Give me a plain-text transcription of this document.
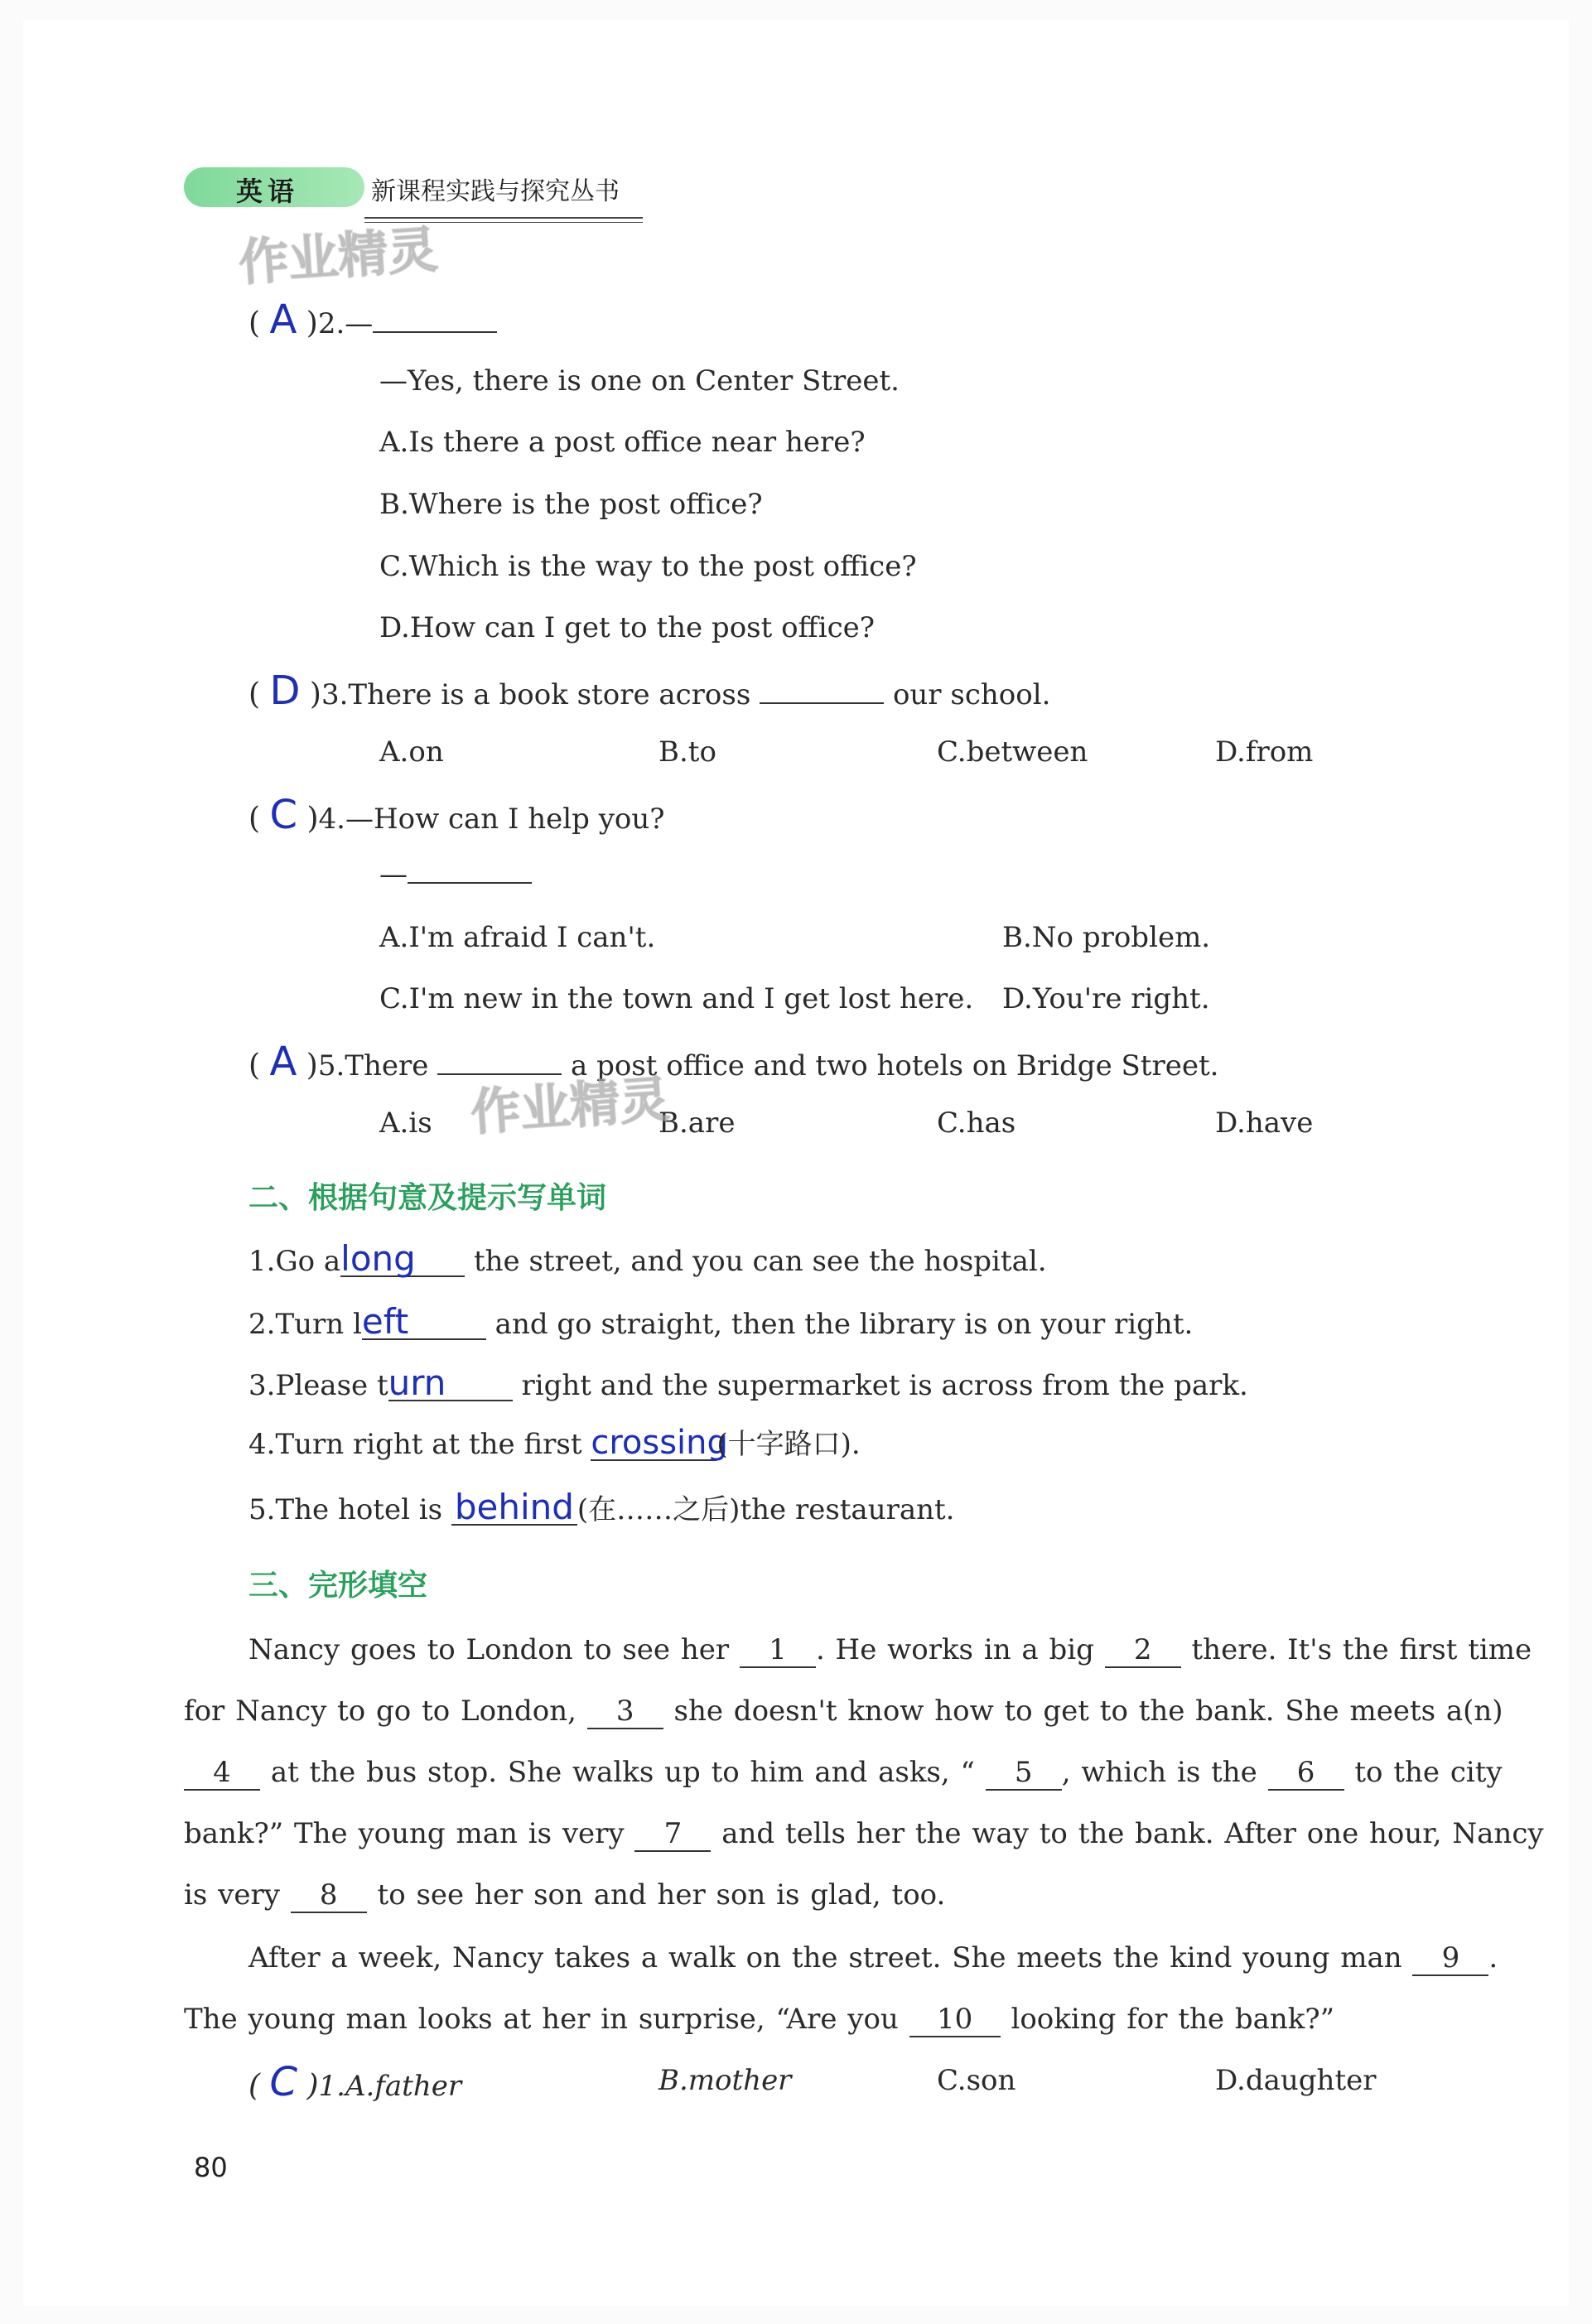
英语	新课程实践与探究丛书
作业精灵
( A )2.—
—Yes, there is one on Center Street.
A.Is there a post office near here?
B.Where is the post office?
C.Which is the way to the post office?
D.How can I get to the post office?
( D )3.There is a book store across	our school.
A.on	B.to	C.between	D.from
( C )4.—How can I help you?
—
A.I'm afraid I can't.	B.No problem.
C.I'm new in the town and I get lost here. D.You're right.
( A )5.There	a post office and two hotels on Bridge Street.
A.is	B.are	C.has	D.have
作业精灵
二、根据句意及提示写单词
1.Go along the street, and you can see the hospital.
2.Turn left	and go straight, then the library is on your right.
3.Please turn	right and the supermarket is across from the park.
4.Turn right at the first crossing(十字路口).
5.The hotel is behind (在……之后)the restaurant.
三、完形填空
Nancy goes to London to see her 1 . He works in a big 2 there. It's the first time
for Nancy to go to London, 3 she doesn't know how to get to the bank. She meets a(n)
4 at the bus stop. She walks up to him and asks, “ 5 , which is the 6 to the city
bank?” The young man is very 7 and tells her the way to the bank. After one hour, Nancy
is very 8 to see her son and her son is glad, too.
After a week, Nancy takes a walk on the street. She meets the kind young man 9 .
The young man looks at her in surprise, “Are you 10 looking for the bank?”
( C )1.A.father	B.mother	C.son	D.daughter
80
